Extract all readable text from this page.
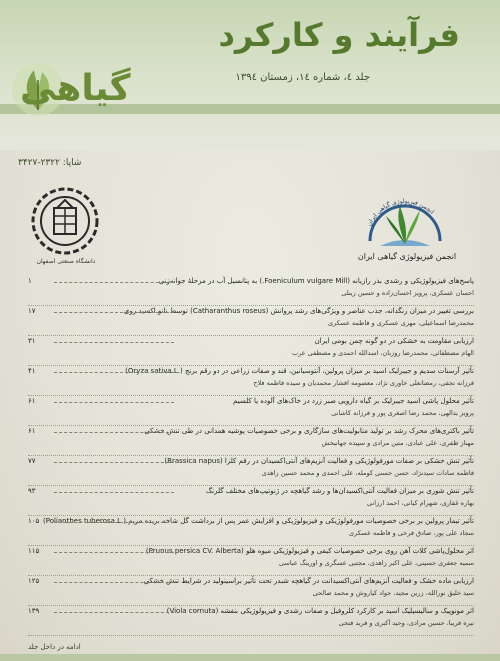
فرآیند و کارکرد
گیاهی	جلد ٤، شماره ١٤، زمستان ١٣٩٤
شاپا: ۲۳۲۲-۳۴۲۷
دانشگاه صنعتی اصفهان
انجمن فیزیولوژی گیاهی ایران
انجمن فیزیولوژی گیاهی ایران
پاسخ‌های فیزیولوژیکی و رشدی بذر رازیانه (Foeniculum vulgare Mill.) به پتانسیل آب در مرحلهٔ جوانه‌زنی
احسان عسکری، پرویز احسان‌زاده و حسین زینلی
۱
بررسی تغییر در میزان رنگدانه، جذب عناصر و ویژگی‌های رشد پروانش (Catharanthus roseus) توسط نانو اکسید روی
محمدرضا اسماعیلی، مهری عسکری و فاطمه عسکری
۱۷
ارزیابی مقاومت به خشکی در دو گونه چمن بومی ایران
الهام مصطفائی، محمدرضا روزبان، اسدالله احمدی و مصطفی عرب
۳۱
تأثیر آرسنات سدیم و جیبرلیک اسید بر میزان پرولین، آنتوسیانین، قند و صفات زراعی در دو رقم برنج (.Oryza sativa L)
فرزانه نجفی، رمضانعلی خاوری نژاد، معصومه افشار محمدیان و سیده فاطمه فلاح
۴۱
تأثیر محلول پاشی اسید جیبرلیک بر گیاه دارویی صبر زرد در خاک‌های آلوده یا کلسیم
پرویز یدالهی، محمد رضا اصغری پور و فرزانه کاشانی
۶۱
تأثیر باکتری‌های محرک رشد بر تولید متابولیت‌های سازگاری و برخی خصوصیات پوشیه همدانی در طی تنش خشکی
مهناز ظفری، علی عبادی، متین مرادی و سپیده جهانبخش
۶۱
تأثیر تنش خشکی بر صفات مورفولوژیکی و فعالیت آنزیم‌های آنتی‌اکسیدان در رقم کلزا (Brassica napus)
فاطمه سادات سیدنژاد، حسن حسنی کومله، علی احمدی و محمد حسین زاهدی
۷۷
تأثیر تنش شوری بر میزان فعالیت آنتی‌اکسیدان‌ها و رشد گیاهچه در ژنوتیپ‌های مختلف گلرنگ
بهاره غفاری، شهرام کیانی، احمد ارزانی
۹۳
تأثیر تیمار پرولین بر برخی خصوصیات مورفولوژیکی و فیزیولوژیکی و افزایش عمر پس از برداشت گل شاخه بریده مریم (.Polianthes tuberosa L)
سجاد علی پور، صادق فرخی و فاطمه عسکری
۱۰۵
اثر محلول‌پاشی کلات آهن روی برخی خصوصیات کیفی و فیزیولوژیکی میوه هلو (Prunus persica CV. Alberta)
سمیه جعفری حسینی، علی اکبر زاهدی، مجتبی عسگری و اورینگ عباسی
۱۱۵
ارزیابی ماده خشک و فعالیت آنزیم‌های آنتی‌اکسیدانت در گیاهچه شبدر تحت تأثیر براسینولید در شرایط تنش خشکی
سید خلیق نورالله، زرین مجید، جواد کیاروش و محمد صالحی
۱۲۵
اثر مونوپیک و سالیسیلیک اسید بر کارکرد کلروفیل و صفات رشدی و فیزیولوژیکی بنفشه (Viola cornuta)
نیره فریبا، حسین مرادی، وحید آکبری و فرید فتحی
۱۳۹
ادامه در داخل جلد
